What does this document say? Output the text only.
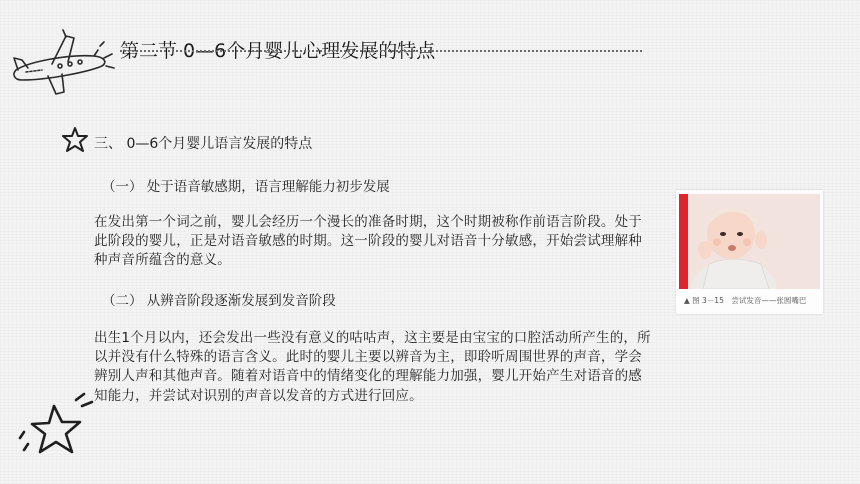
第二节 0—6个月婴儿心理发展的特点
三、 0—6个月婴儿语言发展的特点
（一） 处于语音敏感期，语言理解能力初步发展
在发出第一个词之前，婴儿会经历一个漫长的准备时期，这个时期被称作前语言阶段。处于此阶段的婴儿，正是对语音敏感的时期。这一阶段的婴儿对语音十分敏感，开始尝试理解种种声音所蕴含的意义。
（二） 从辨音阶段逐渐发展到发音阶段
出生1个月以内，还会发出一些没有意义的咕咕声，这主要是由宝宝的口腔活动所产生的，所以并没有什么特殊的语言含义。此时的婴儿主要以辨音为主，即聆听周围世界的声音，学会辨别人声和其他声音。随着对语音中的情绪变化的理解能力加强，婴儿开始产生对语音的感知能力，并尝试对识别的声音以发音的方式进行回应。
▲ 图 3－15　尝试发音——张圆嘴巴
